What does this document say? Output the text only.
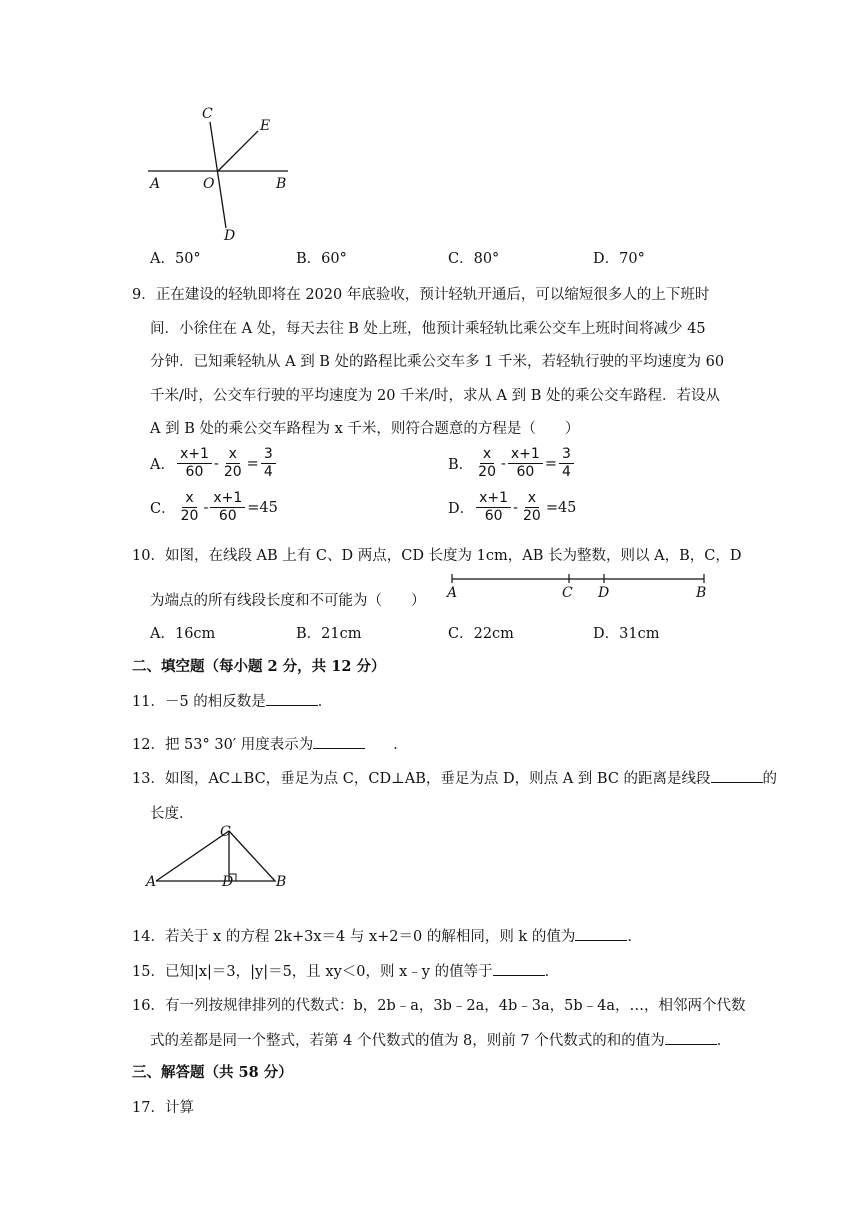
C
E
A	O	B
D
A．50°	B．60°	C．80°	D．70°
9．正在建设的轻轨即将在 2020 年底验收，预计轻轨开通后，可以缩短很多人的上下班时
间．小徐住在 A 处，每天去往 B 处上班，他预计乘轻轨比乘公交车上班时间将减少 45
分钟．已知乘轻轨从 A 到 B 处的路程比乘公交车多 1 千米，若轻轨行驶的平均速度为 60
千米/时，公交车行驶的平均速度为 20 千米/时，求从 A 到 B 处的乘公交车路程．若设从
A 到 B 处的乘公交车路程为 x 千米，则符合题意的方程是（　　）
A． $\frac{x+1}{60} - \frac{x}{20} = \frac{3}{4}$	B． $\frac{x}{20} - \frac{x+1}{60} = \frac{3}{4}$
C． $\frac{x}{20} - \frac{x+1}{60} =45$	D． $\frac{x+1}{60} - \frac{x}{20} =45$
10．如图，在线段 AB 上有 C、D 两点，CD 长度为 1cm，AB 长为整数，则以 A，B，C，D
为端点的所有线段长度和不可能为（　　） A	C D	B
A．16cm	B．21cm	C．22cm	D．31cm
二、填空题（每小题 2 分，共 12 分）
11．－5 的相反数是	．
12．把 53° 30′ 用度表示为	．
13．如图，AC⊥BC，垂足为点 C，CD⊥AB，垂足为点 D，则点 A 到 BC 的距离是线段	的
长度．
C
A	D	B
14．若关于 x 的方程 2k+3x＝4 与 x+2＝0 的解相同，则 k 的值为	．
15．已知|x|＝3，|y|＝5，且 xy＜0，则 x﹣y 的值等于	．
16．有一列按规律排列的代数式：b，2b﹣a，3b﹣2a，4b﹣3a，5b﹣4a，…，相邻两个代数
式的差都是同一个整式，若第 4 个代数式的值为 8，则前 7 个代数式的和的值为	．
三、解答题（共 58 分）
17．计算
